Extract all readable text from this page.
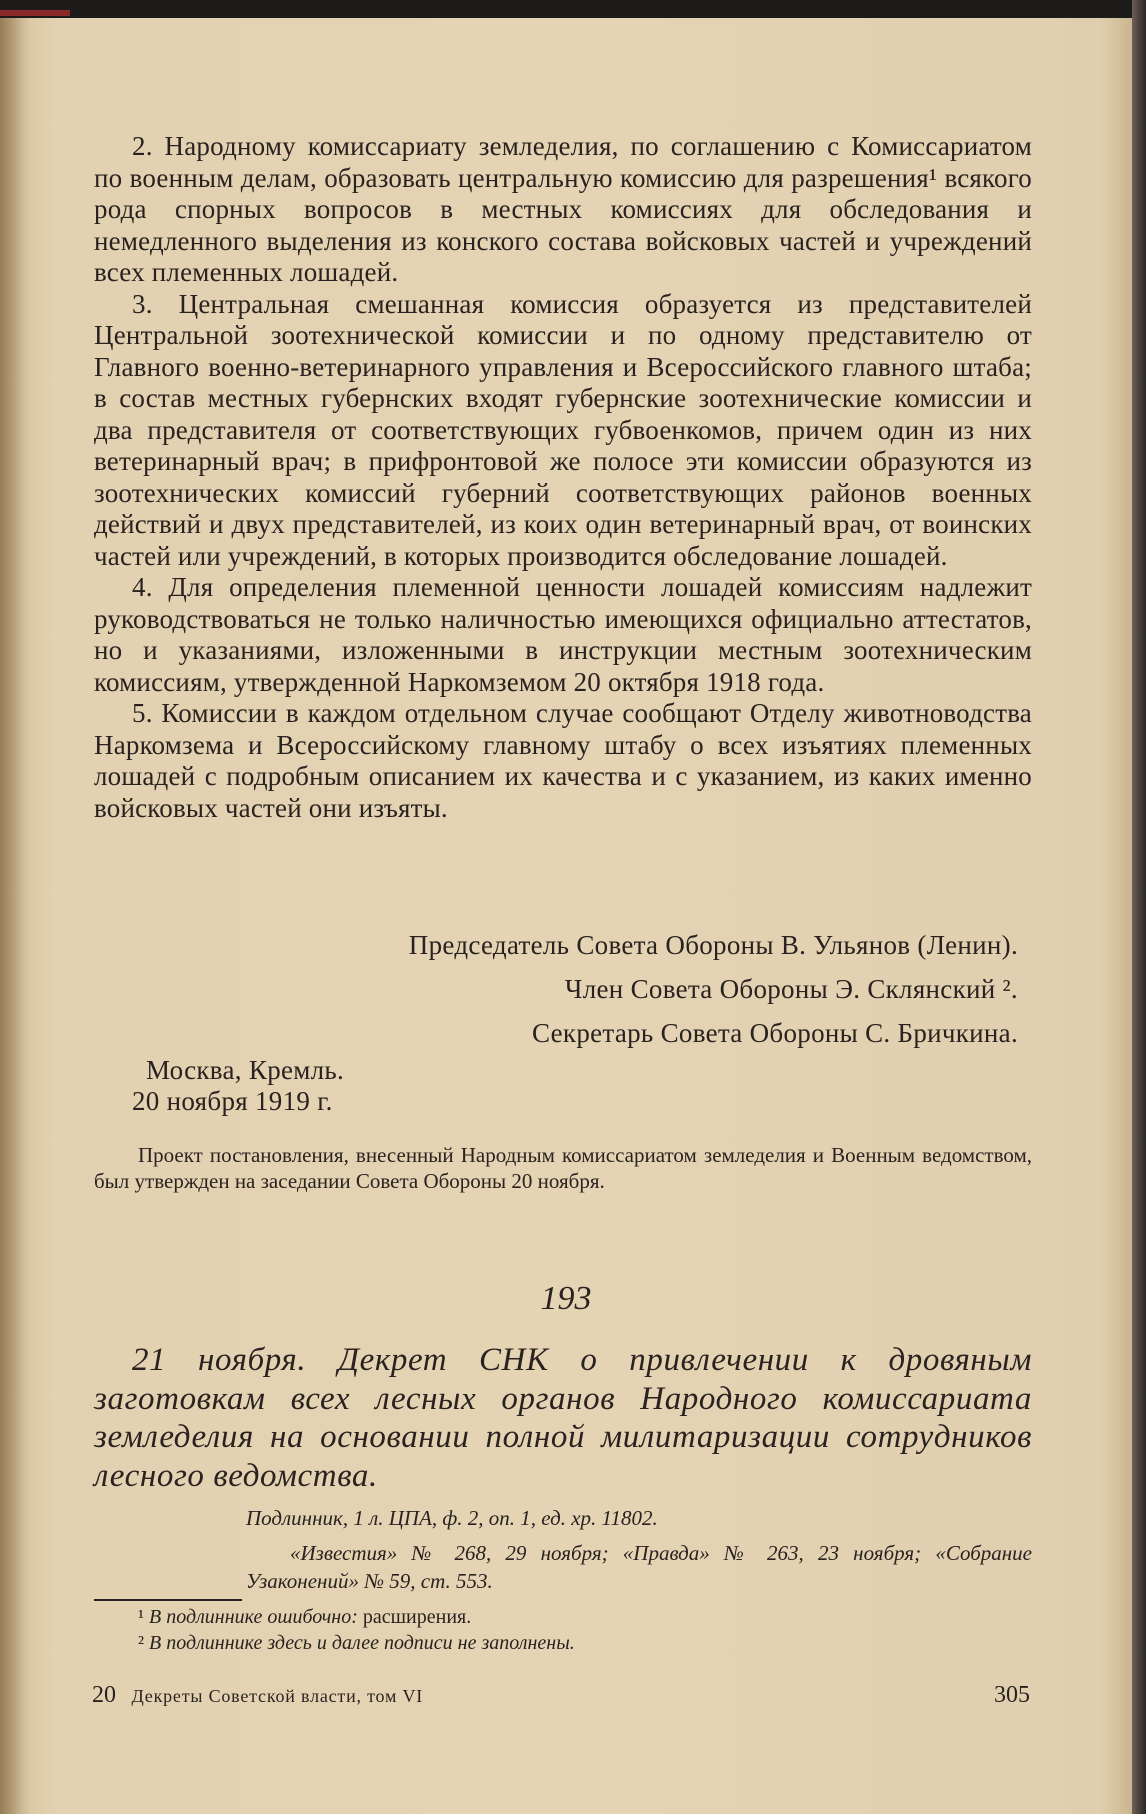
2. Народному комиссариату земледелия, по соглашению с Комиссариатом по военным делам, образовать центральную комиссию для разрешения¹ всякого рода спорных вопросов в местных комиссиях для обследования и немедленного выделения из конского состава войсковых частей и учреждений всех племенных лошадей.

3. Центральная смешанная комиссия образуется из представителей Центральной зоотехнической комиссии и по одному представителю от Главного военно-ветеринарного управления и Всероссийского главного штаба; в состав местных губернских входят губернские зоотехнические комиссии и два представителя от соответствующих губвоенкомов, причем один из них ветеринарный врач; в прифронтовой же полосе эти комиссии образуются из зоотехнических комиссий губерний соответствующих районов военных действий и двух представителей, из коих один ветеринарный врач, от воинских частей или учреждений, в которых производится обследование лошадей.

4. Для определения племенной ценности лошадей комиссиям надлежит руководствоваться не только наличностью имеющихся официально аттестатов, но и указаниями, изложенными в инструкции местным зоотехническим комиссиям, утвержденной Наркомземом 20 октября 1918 года.

5. Комиссии в каждом отдельном случае сообщают Отделу животноводства Наркомзема и Всероссийскому главному штабу о всех изъятиях племенных лошадей с подробным описанием их качества и с указанием, из каких именно войсковых частей они изъяты.

Председатель Совета Обороны В. Ульянов (Ленин).
Член Совета Обороны Э. Склянский ².
Секретарь Совета Обороны С. Бричкина.
Москва, Кремль.
20 ноября 1919 г.

Проект постановления, внесенный Народным комиссариатом земледелия и Военным ведомством, был утвержден на заседании Совета Обороны 20 ноября.

193

21 ноября. Декрет СНК о привлечении к дровяным заготовкам всех лесных органов Народного комиссариата земледелия на основании полной милитаризации сотрудников лесного ведомства.

Подлинник, 1 л. ЦПА, ф. 2, оп. 1, ед. хр. 11802.

«Известия» № 268, 29 ноября; «Правда» № 263, 23 ноября; «Собрание Узаконений» № 59, ст. 553.

¹ В подлиннике ошибочно: расширения.
² В подлиннике здесь и далее подписи не заполнены.
20 Декреты Советской власти, том VI	305
